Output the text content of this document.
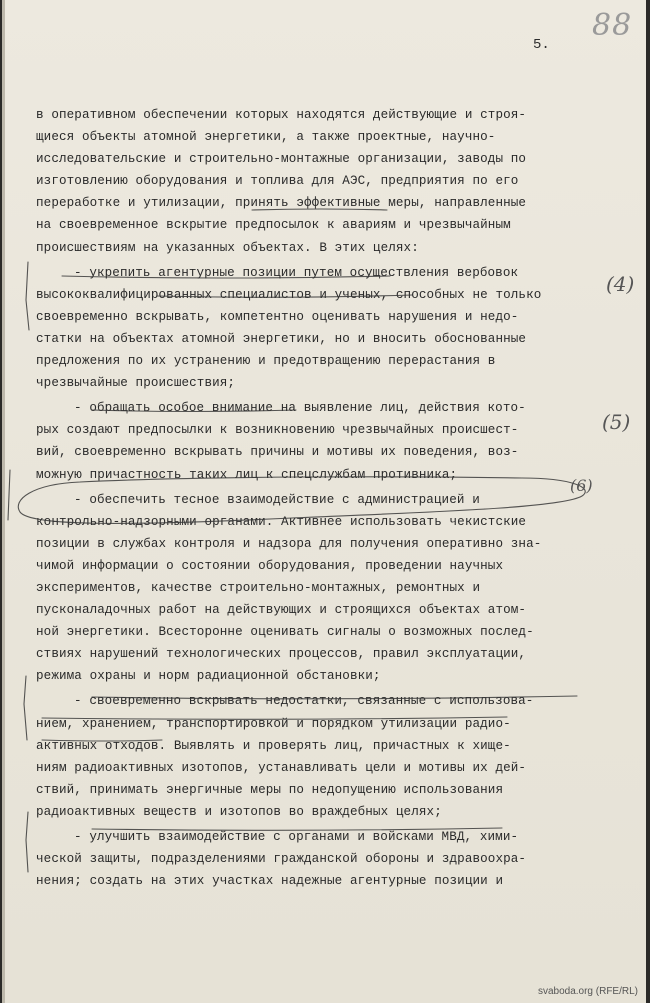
88
5.

в оперативном обеспечении которых находятся действующие и строя-
щиеся объекты атомной энергетики, а также проектные, научно-
исследовательские и строительно-монтажные организации, заводы по
изготовлению оборудования и топлива для АЭС, предприятия по его
переработке и утилизации, принять эффективные меры, направленные
на своевременное вскрытие предпосылок к авариям и чрезвычайным
происшествиям на указанных объектах. В этих целях:

- укрепить агентурные позиции путем осуществления вербовок
высококвалифицированных специалистов и ученых, способных не только
своевременно вскрывать, компетентно оценивать нарушения и недо-
статки на объектах атомной энергетики, но и вносить обоснованные
предложения по их устранению и предотвращению перерастания в
чрезвычайные происшествия;

- обращать особое внимание на выявление лиц, действия кото-
рых создают предпосылки к возникновению чрезвычайных происшест-
вий, своевременно вскрывать причины и мотивы их поведения, воз-
можную причастность таких лиц к спецслужбам противника;

- обеспечить тесное взаимодействие с администрацией и
контрольно-надзорными органами. Активнее использовать чекистские
позиции в службах контроля и надзора для получения оперативно зна-
чимой информации о состоянии оборудования, проведении научных
экспериментов, качестве строительно-монтажных, ремонтных и
пусконаладочных работ на действующих и строящихся объектах атом-
ной энергетики. Всесторонне оценивать сигналы о возможных послед-
ствиях нарушений технологических процессов, правил эксплуатации,
режима охраны и норм радиационной обстановки;

- своевременно вскрывать недостатки, связанные с использова-
нием, хранением, транспортировкой и порядком утилизации радио-
активных отходов. Выявлять и проверять лиц, причастных к хище-
ниям радиоактивных изотопов, устанавливать цели и мотивы их дей-
ствий, принимать энергичные меры по недопущению использования
радиоактивных веществ и изотопов во враждебных целях;

- улучшить взаимодействие с органами и войсками МВД, хими-
ческой защиты, подразделениями гражданской обороны и здравоохра-
нения; создать на этих участках надежные агентурные позиции и

(4)
(5)
(6)
svaboda.org (RFE/RL)
